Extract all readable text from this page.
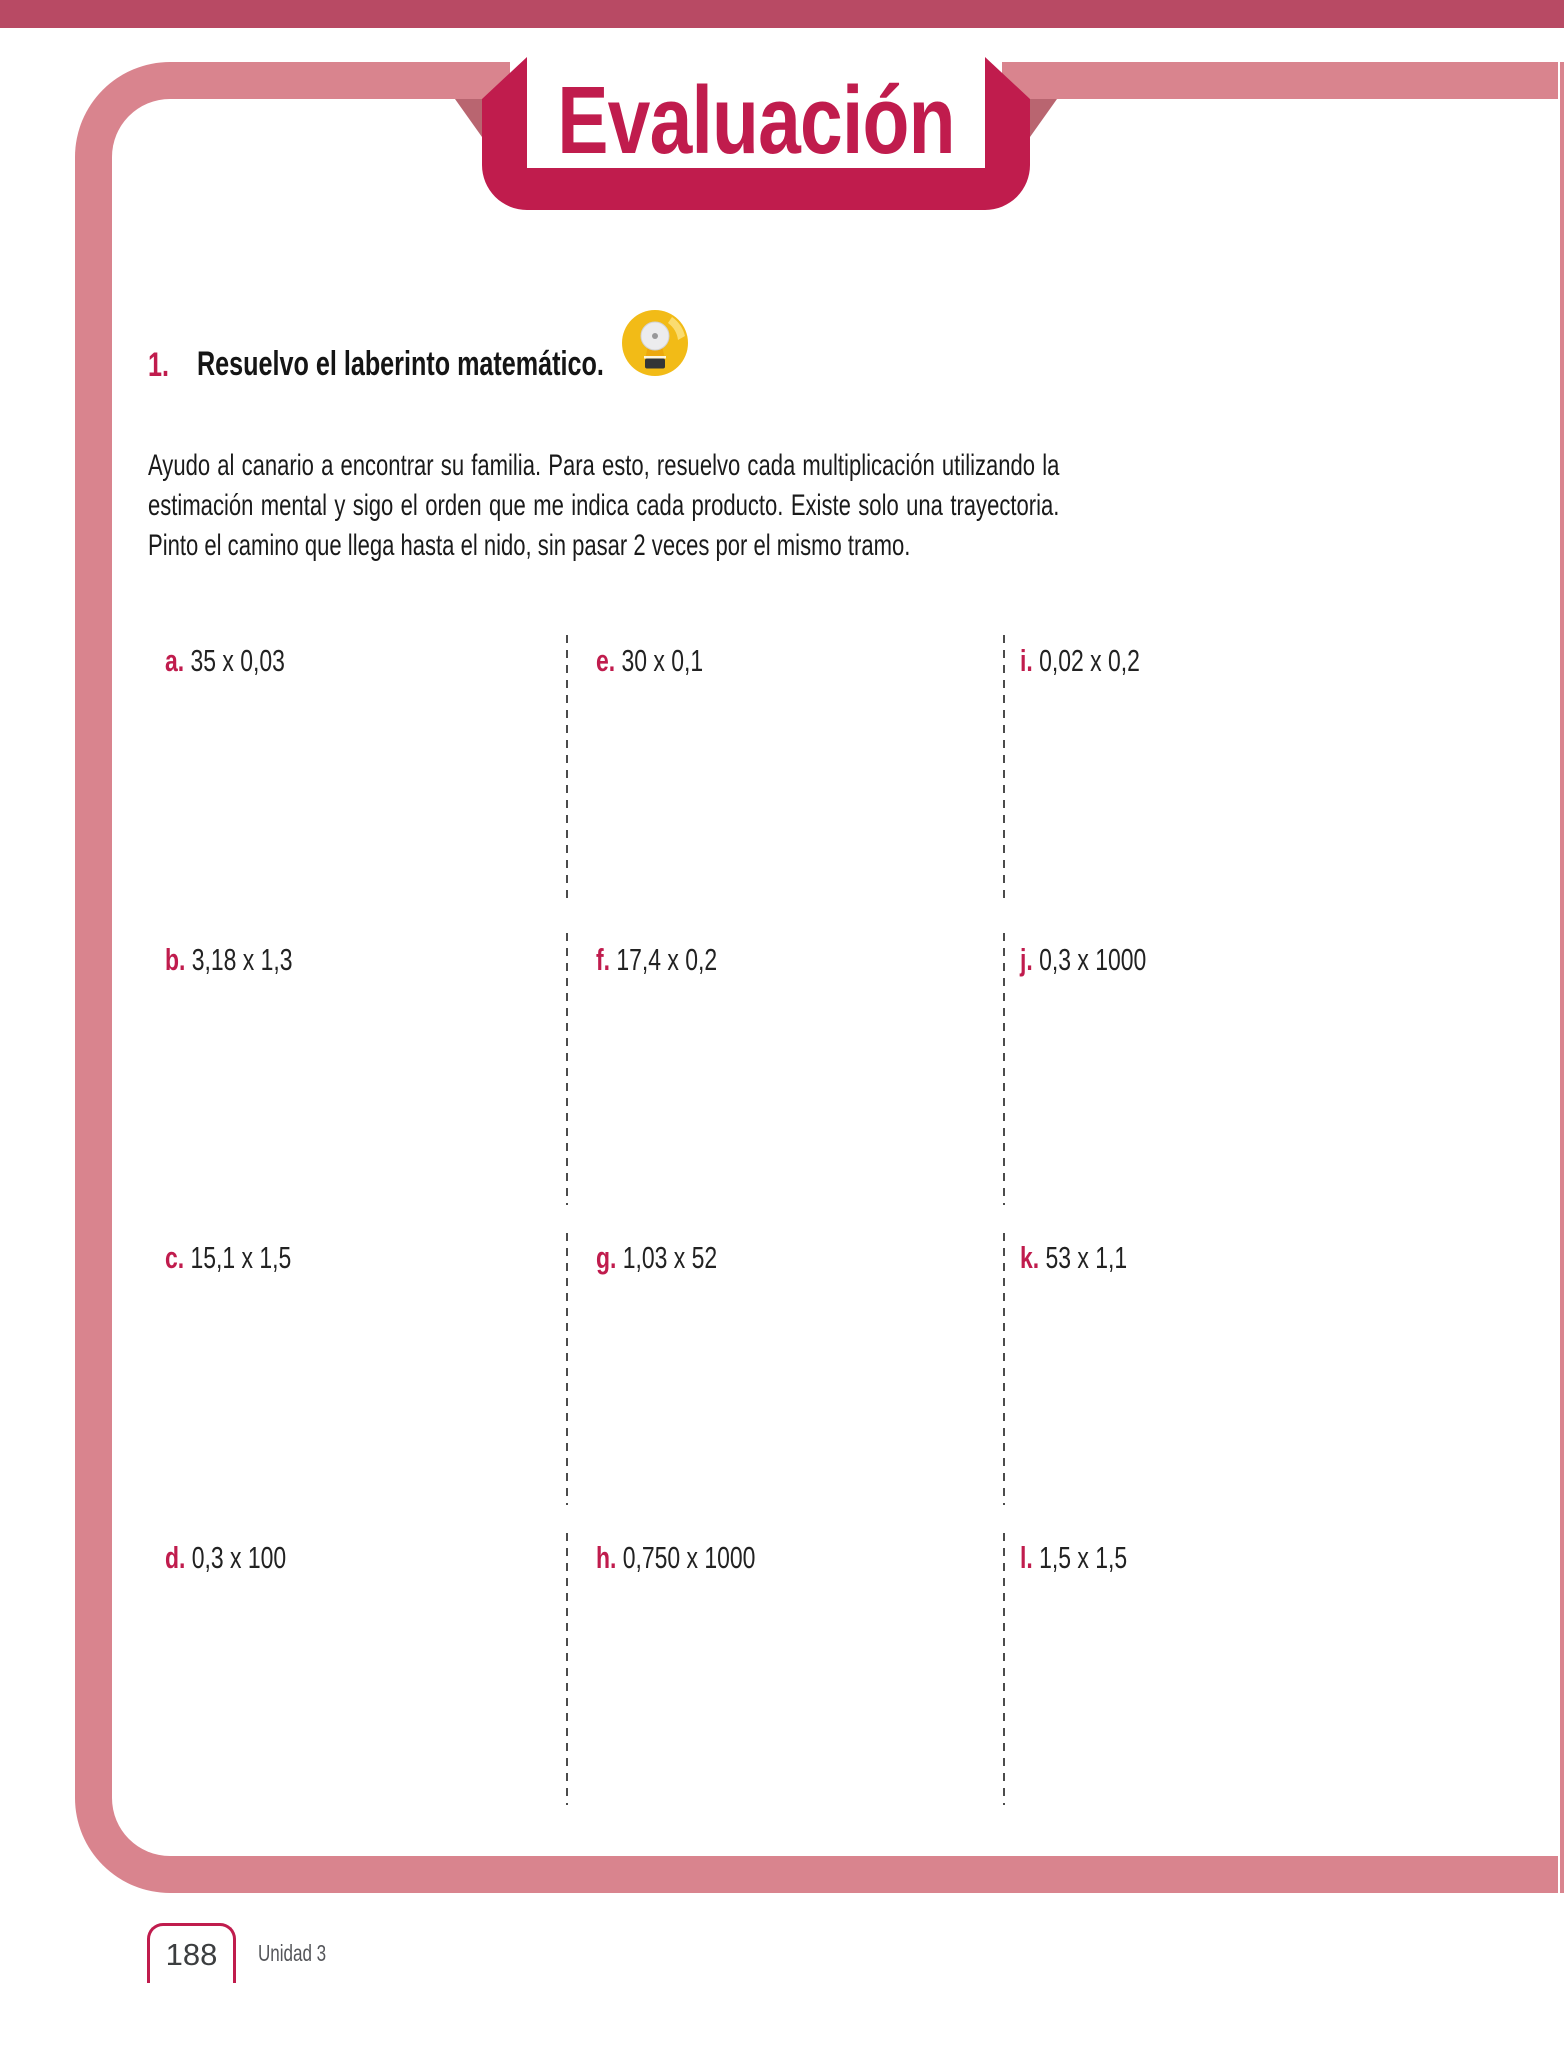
Evaluación
1. Resuelvo el laberinto matemático.

Ayudo al canario a encontrar su familia. Para esto, resuelvo cada multiplicación utilizando la estimación mental y sigo el orden que me indica cada producto. Existe solo una trayectoria. Pinto el camino que llega hasta el nido, sin pasar 2 veces por el mismo tramo.

a. 35 x 0,03
b. 3,18 x 1,3
c. 15,1 x 1,5
d. 0,3 x 100
e. 30 x 0,1
f. 17,4 x 0,2
g. 1,03 x 52
h. 0,750 x 1000
i. 0,02 x 0,2
j. 0,3 x 1000
k. 53 x 1,1
l. 1,5 x 1,5
188 Unidad 3
